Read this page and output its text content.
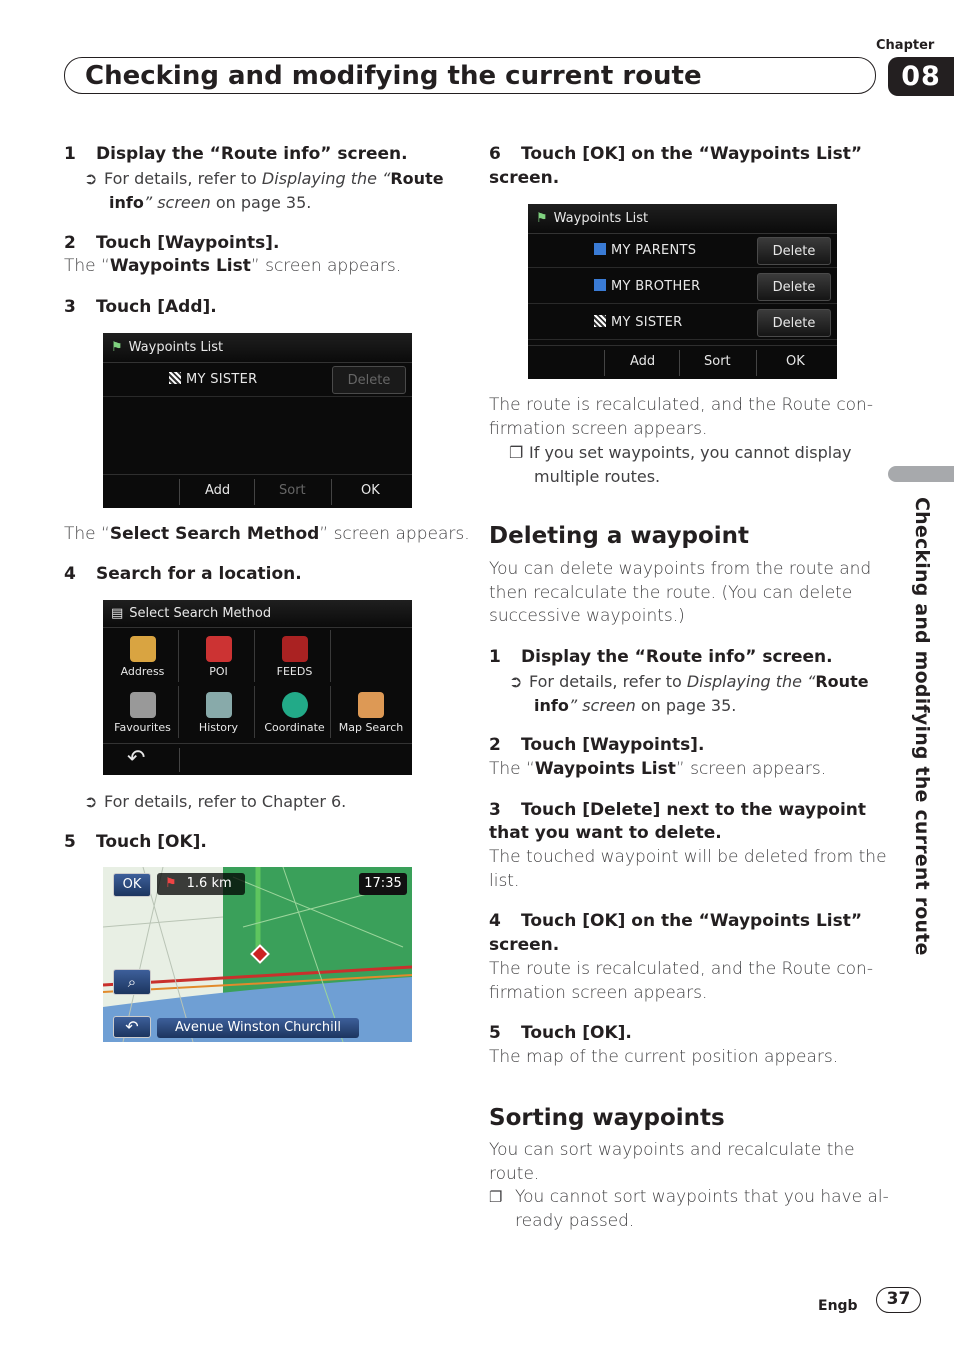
Chapter
08
Checking and modifying the current route
Checking and modifying the current route
1 Display the “Route info” screen.
➲ For details, refer to Displaying the “Route info” screen on page 35.
2 Touch [Waypoints].
The “Waypoints List” screen appears.
3 Touch [Add].
⚑ Waypoints List
MY SISTER	Delete
Add	Sort	OK
The “Select Search Method” screen appears.
4 Search for a location.
▤ Select Search Method
Address	POI	FEEDS
Favourites	History	Coordinate	Map Search
↶
➲ For details, refer to Chapter 6.
5 Touch [OK].
OK	⚑ 1.6 km	17:35
⌕
↶	Avenue Winston Churchill
6 Touch [OK] on the “Waypoints List”
screen.
⚑ Waypoints List
MY PARENTS	Delete
MY BROTHER	Delete
MY SISTER	Delete
Add	Sort	OK
The route is recalculated, and the Route con-
firmation screen appears.
❐ If you set waypoints, you cannot display
multiple routes.
Deleting a waypoint
You can delete waypoints from the route and
then recalculate the route. (You can delete
successive waypoints.)
1 Display the “Route info” screen.
➲ For details, refer to Displaying the “Route info” screen on page 35.
2 Touch [Waypoints].
The “Waypoints List” screen appears.
3 Touch [Delete] next to the waypoint
that you want to delete.
The touched waypoint will be deleted from the
list.
4 Touch [OK] on the “Waypoints List”
screen.
The route is recalculated, and the Route con-
firmation screen appears.
5 Touch [OK].
The map of the current position appears.
Sorting waypoints
You can sort waypoints and recalculate the
route.
❐ You cannot sort waypoints that you have al-
ready passed.
Engb	37
